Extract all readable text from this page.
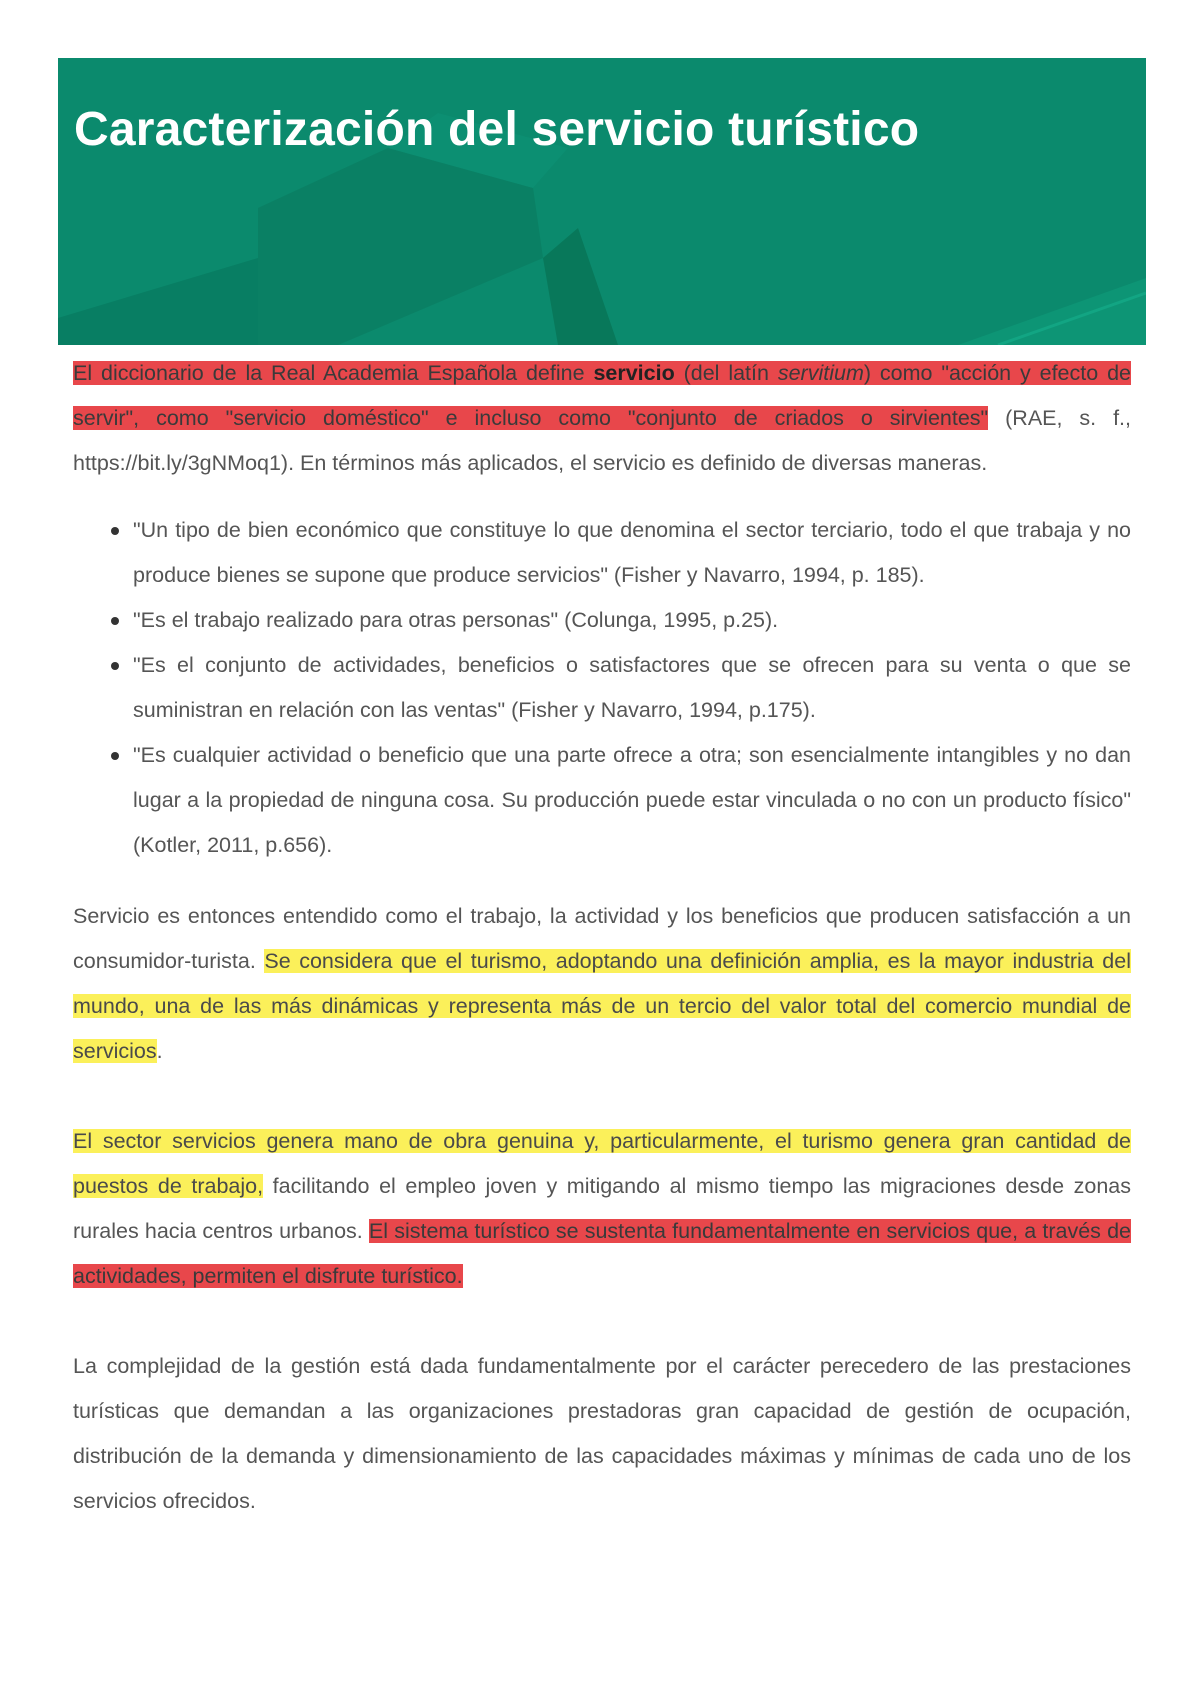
Caracterización del servicio turístico

El diccionario de la Real Academia Española define servicio (del latín servitium) como "acción y efecto de servir", como "servicio doméstico" e incluso como "conjunto de criados o sirvientes" (RAE, s. f., https://bit.ly/3gNMoq1). En términos más aplicados, el servicio es definido de diversas maneras.

"Un tipo de bien económico que constituye lo que denomina el sector terciario, todo el que trabaja y no produce bienes se supone que produce servicios" (Fisher y Navarro, 1994, p. 185).
"Es el trabajo realizado para otras personas" (Colunga, 1995, p.25).
"Es el conjunto de actividades, beneficios o satisfactores que se ofrecen para su venta o que se suministran en relación con las ventas" (Fisher y Navarro, 1994, p.175).
"Es cualquier actividad o beneficio que una parte ofrece a otra; son esencialmente intangibles y no dan lugar a la propiedad de ninguna cosa. Su producción puede estar vinculada o no con un producto físico" (Kotler, 2011, p.656).

Servicio es entonces entendido como el trabajo, la actividad y los beneficios que producen satisfacción a un consumidor-turista. Se considera que el turismo, adoptando una definición amplia, es la mayor industria del mundo, una de las más dinámicas y representa más de un tercio del valor total del comercio mundial de servicios.

El sector servicios genera mano de obra genuina y, particularmente, el turismo genera gran cantidad de puestos de trabajo, facilitando el empleo joven y mitigando al mismo tiempo las migraciones desde zonas rurales hacia centros urbanos. El sistema turístico se sustenta fundamentalmente en servicios que, a través de actividades, permiten el disfrute turístico.

La complejidad de la gestión está dada fundamentalmente por el carácter perecedero de las prestaciones turísticas que demandan a las organizaciones prestadoras gran capacidad de gestión de ocupación, distribución de la demanda y dimensionamiento de las capacidades máximas y mínimas de cada uno de los servicios ofrecidos.
